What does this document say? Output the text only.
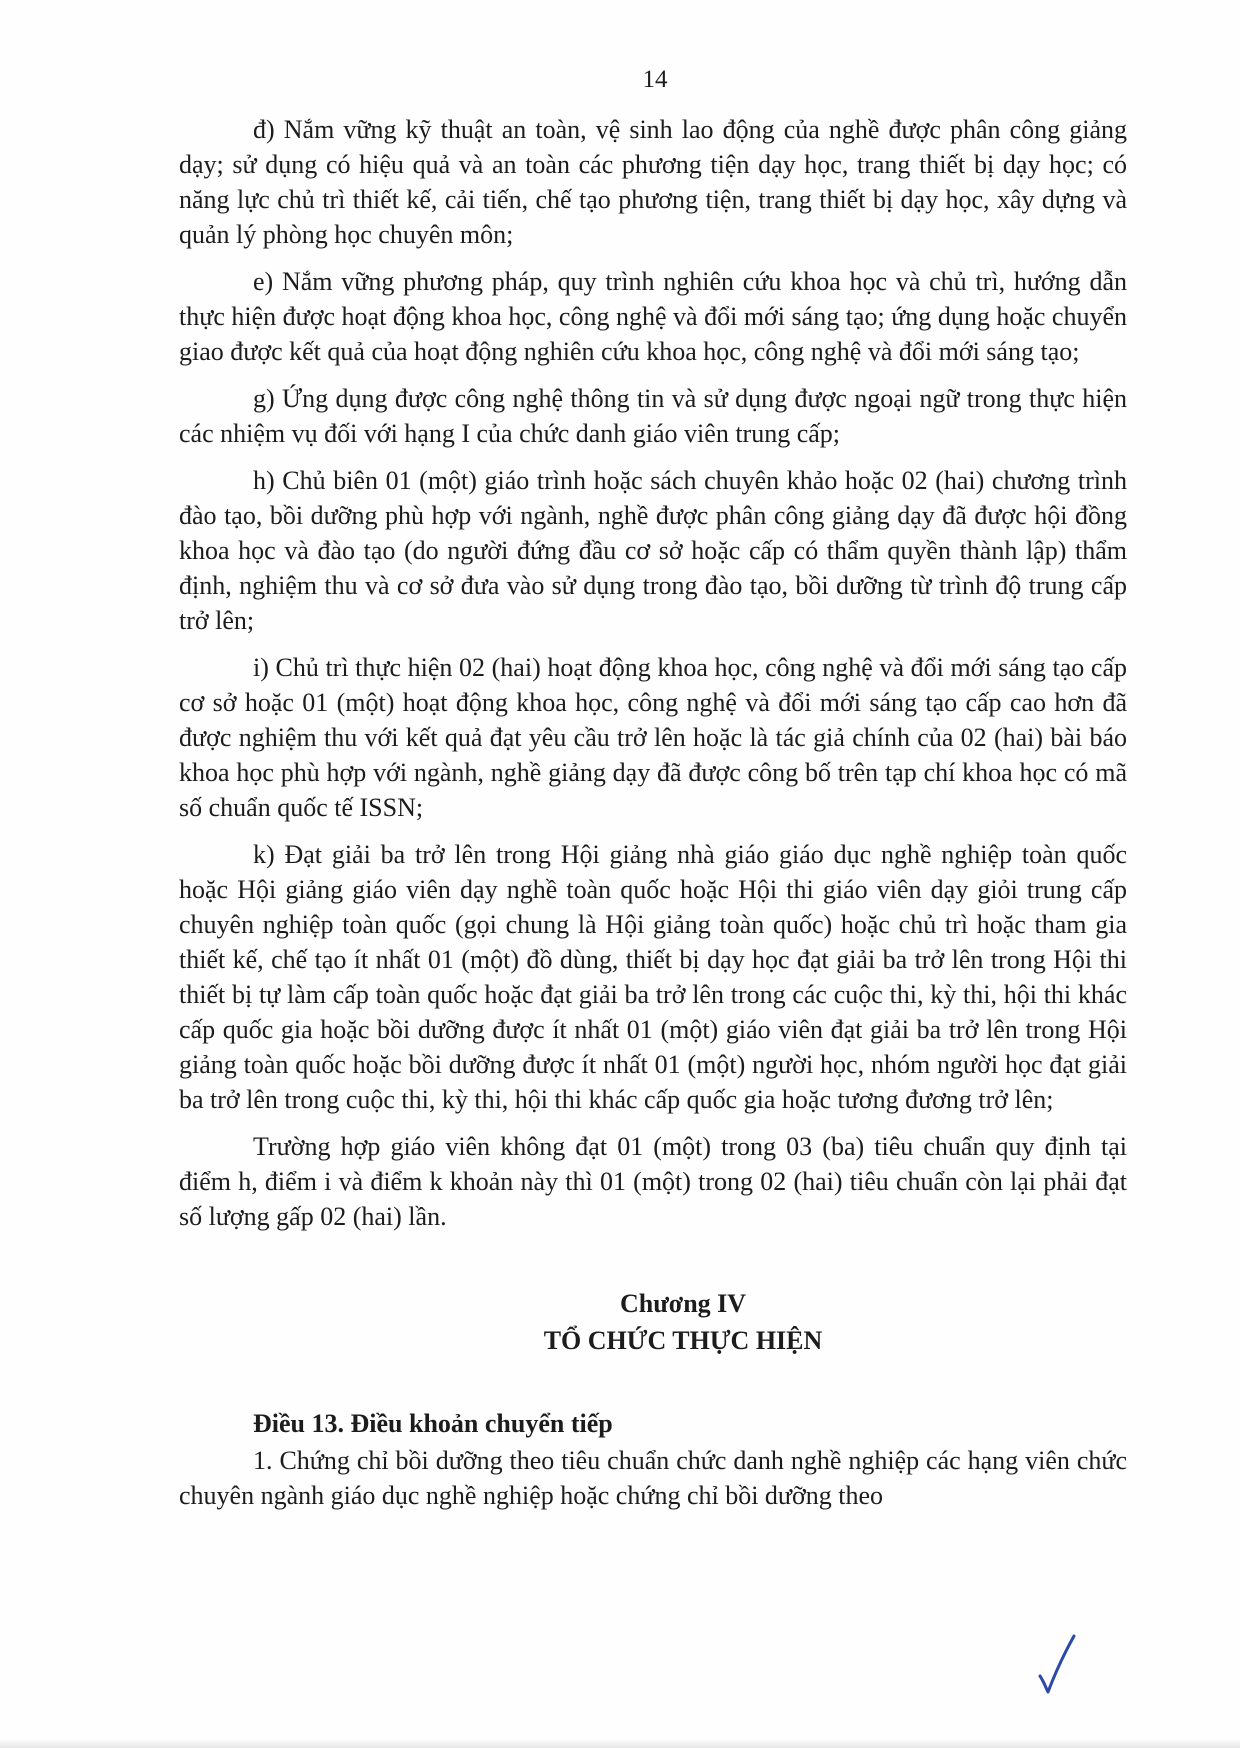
14

đ) Nắm vững kỹ thuật an toàn, vệ sinh lao động của nghề được phân công giảng dạy; sử dụng có hiệu quả và an toàn các phương tiện dạy học, trang thiết bị dạy học; có năng lực chủ trì thiết kế, cải tiến, chế tạo phương tiện, trang thiết bị dạy học, xây dựng và quản lý phòng học chuyên môn;

e) Nắm vững phương pháp, quy trình nghiên cứu khoa học và chủ trì, hướng dẫn thực hiện được hoạt động khoa học, công nghệ và đổi mới sáng tạo; ứng dụng hoặc chuyển giao được kết quả của hoạt động nghiên cứu khoa học, công nghệ và đổi mới sáng tạo;

g) Ứng dụng được công nghệ thông tin và sử dụng được ngoại ngữ trong thực hiện các nhiệm vụ đối với hạng I của chức danh giáo viên trung cấp;

h) Chủ biên 01 (một) giáo trình hoặc sách chuyên khảo hoặc 02 (hai) chương trình đào tạo, bồi dưỡng phù hợp với ngành, nghề được phân công giảng dạy đã được hội đồng khoa học và đào tạo (do người đứng đầu cơ sở hoặc cấp có thẩm quyền thành lập) thẩm định, nghiệm thu và cơ sở đưa vào sử dụng trong đào tạo, bồi dưỡng từ trình độ trung cấp trở lên;

i) Chủ trì thực hiện 02 (hai) hoạt động khoa học, công nghệ và đổi mới sáng tạo cấp cơ sở hoặc 01 (một) hoạt động khoa học, công nghệ và đổi mới sáng tạo cấp cao hơn đã được nghiệm thu với kết quả đạt yêu cầu trở lên hoặc là tác giả chính của 02 (hai) bài báo khoa học phù hợp với ngành, nghề giảng dạy đã được công bố trên tạp chí khoa học có mã số chuẩn quốc tế ISSN;

k) Đạt giải ba trở lên trong Hội giảng nhà giáo giáo dục nghề nghiệp toàn quốc hoặc Hội giảng giáo viên dạy nghề toàn quốc hoặc Hội thi giáo viên dạy giỏi trung cấp chuyên nghiệp toàn quốc (gọi chung là Hội giảng toàn quốc) hoặc chủ trì hoặc tham gia thiết kế, chế tạo ít nhất 01 (một) đồ dùng, thiết bị dạy học đạt giải ba trở lên trong Hội thi thiết bị tự làm cấp toàn quốc hoặc đạt giải ba trở lên trong các cuộc thi, kỳ thi, hội thi khác cấp quốc gia hoặc bồi dưỡng được ít nhất 01 (một) giáo viên đạt giải ba trở lên trong Hội giảng toàn quốc hoặc bồi dưỡng được ít nhất 01 (một) người học, nhóm người học đạt giải ba trở lên trong cuộc thi, kỳ thi, hội thi khác cấp quốc gia hoặc tương đương trở lên;

Trường hợp giáo viên không đạt 01 (một) trong 03 (ba) tiêu chuẩn quy định tại điểm h, điểm i và điểm k khoản này thì 01 (một) trong 02 (hai) tiêu chuẩn còn lại phải đạt số lượng gấp 02 (hai) lần.

Chương IV

TỔ CHỨC THỰC HIỆN

Điều 13. Điều khoản chuyển tiếp

1. Chứng chỉ bồi dưỡng theo tiêu chuẩn chức danh nghề nghiệp các hạng viên chức chuyên ngành giáo dục nghề nghiệp hoặc chứng chỉ bồi dưỡng theo
